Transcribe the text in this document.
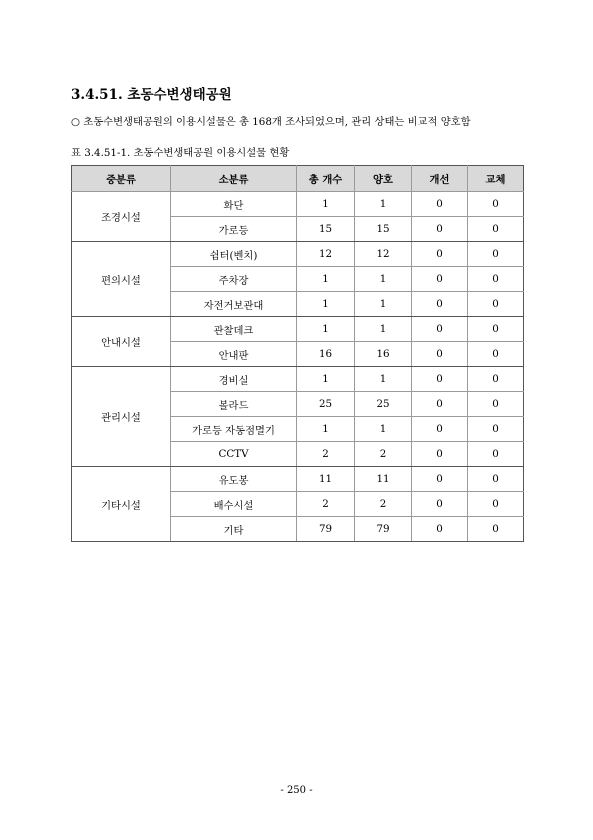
3.4.51. 초동수변생태공원

○ 초동수변생태공원의 이용시설물은 총 168개 조사되었으며, 관리 상태는 비교적 양호함

표 3.4.51-1. 초동수변생태공원 이용시설물 현황

중분류	소분류	총 개수	양호	개선	교체
조경시설	화단	1	1	0	0
	가로등	15	15	0	0
편의시설	쉼터(벤치)	12	12	0	0
	주차장	1	1	0	0
	자전거보관대	1	1	0	0
안내시설	관찰데크	1	1	0	0
	안내판	16	16	0	0
관리시설	경비실	1	1	0	0
	볼라드	25	25	0	0
	가로등 자동점멸기	1	1	0	0
	CCTV	2	2	0	0
기타시설	유도봉	11	11	0	0
	배수시설	2	2	0	0
	기타	79	79	0	0

- 250 -
